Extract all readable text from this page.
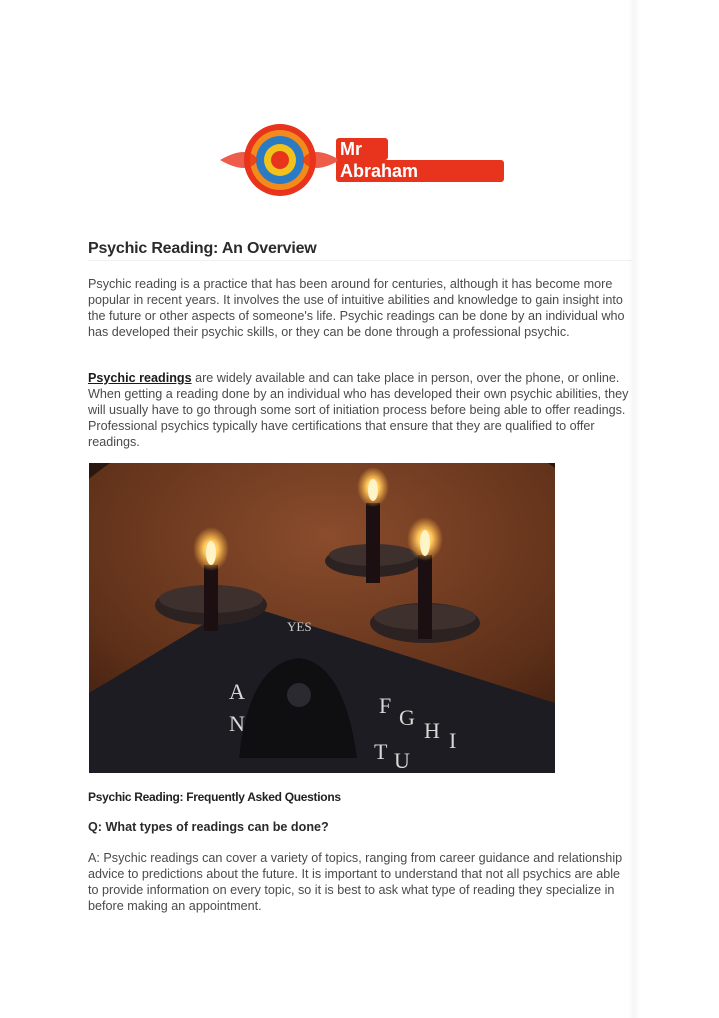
Mr
Abraham
Psychic Reading: An Overview

Psychic reading is a practice that has been around for centuries, although it has become more popular in recent years. It involves the use of intuitive abilities and knowledge to gain insight into the future or other aspects of someone's life. Psychic readings can be done by an individual who has developed their psychic skills, or they can be done through a professional psychic.

Psychic readings are widely available and can take place in person, over the phone, or online. When getting a reading done by an individual who has developed their own psychic abilities, they will usually have to go through some sort of initiation process before being able to offer readings. Professional psychics typically have certifications that ensure that they are qualified to offer readings.

YES
A
F G
H I
N
T U

Psychic Reading: Frequently Asked Questions

Q: What types of readings can be done?

A: Psychic readings can cover a variety of topics, ranging from career guidance and relationship advice to predictions about the future. It is important to understand that not all psychics are able to provide information on every topic, so it is best to ask what type of reading they specialize in before making an appointment.
